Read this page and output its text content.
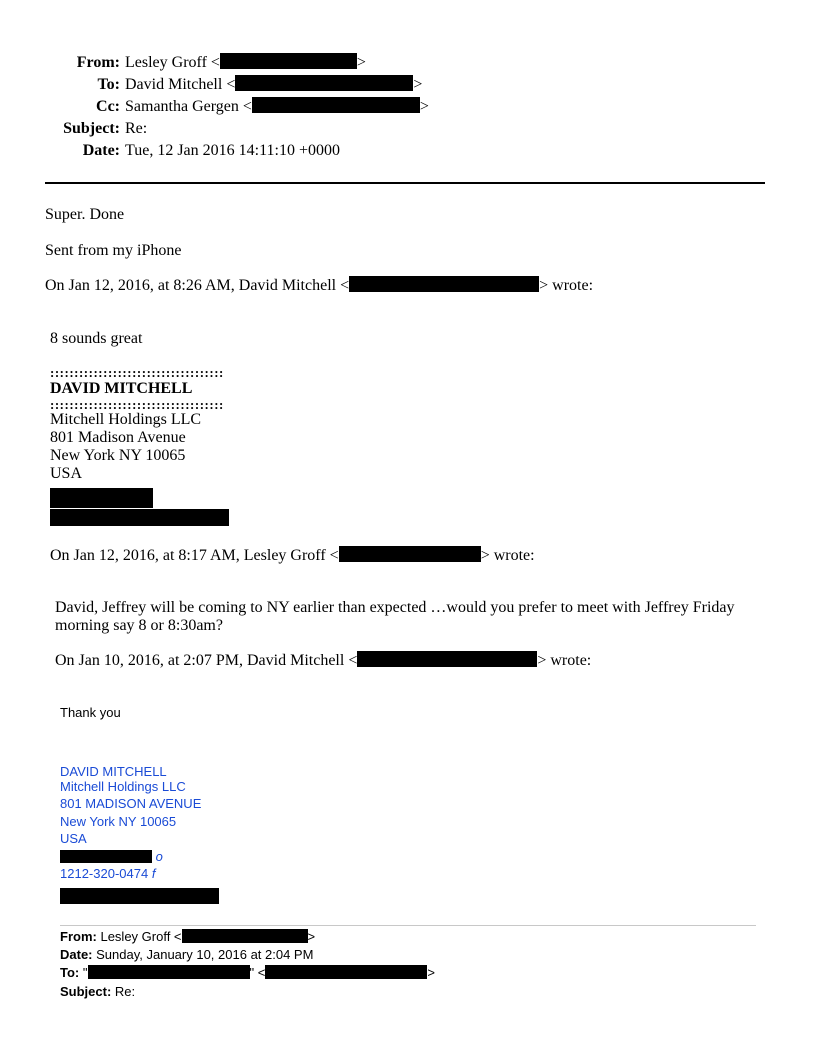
From: Lesley Groff <	>
To: David Mitchell <	>
Cc: Samantha Gergen <	>
Subject: Re:
Date: Tue, 12 Jan 2016 14:11:10 +0000
Super. Done
Sent from my iPhone
On Jan 12, 2016, at 8:26 AM, David Mitchell <	> wrote:
8 sounds great
::::::::::::::::::::::::::::::::::::
DAVID MITCHELL
::::::::::::::::::::::::::::::::::::
Mitchell Holdings LLC
801 Madison Avenue
New York NY 10065
USA
On Jan 12, 2016, at 8:17 AM, Lesley Groff <	> wrote:
David, Jeffrey will be coming to NY earlier than expected …would you prefer to meet with Jeffrey Friday
morning say 8 or 8:30am?
On Jan 10, 2016, at 2:07 PM, David Mitchell <	> wrote:
Thank you
DAVID MITCHELL
Mitchell Holdings LLC
801 MADISON AVENUE
New York NY 10065
USA
o
1212-320-0474 f
From: Lesley Groff <	>
Date: Sunday, January 10, 2016 at 2:04 PM
To: "	" <	>
Subject: Re:
